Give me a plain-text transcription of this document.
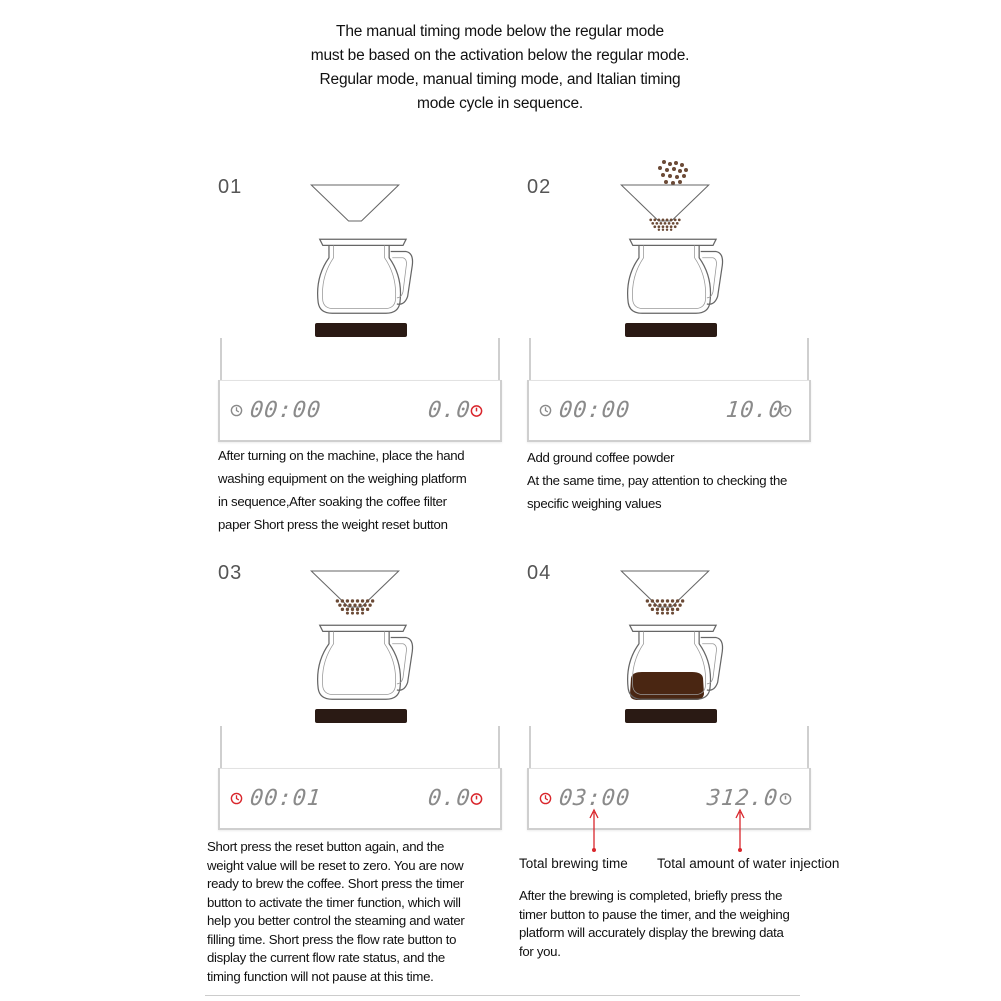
The manual timing mode below the regular mode
must be based on the activation below the regular mode.
Regular mode, manual timing mode, and Italian timing
mode cycle in sequence.
01
00:00	0.0
After turning on the machine, place the hand
washing equipment on the weighing platform
in sequence,After soaking the coffee filter
paper Short press the weight reset button
02
00:00	10.0
Add ground coffee powder
At the same time, pay attention to checking the
specific weighing values
03
00:01	0.0
Short press the reset button again, and the
weight value will be reset to zero. You are now
ready to brew the coffee. Short press the timer
button to activate the timer function, which will
help you better control the steaming and water
filling time. Short press the flow rate button to
display the current flow rate status, and the
timing function will not pause at this time.
04
03:00	312.0
Total brewing time Total amount of water injection
After the brewing is completed, briefly press the
timer button to pause the timer, and the weighing
platform will accurately display the brewing data
for you.
